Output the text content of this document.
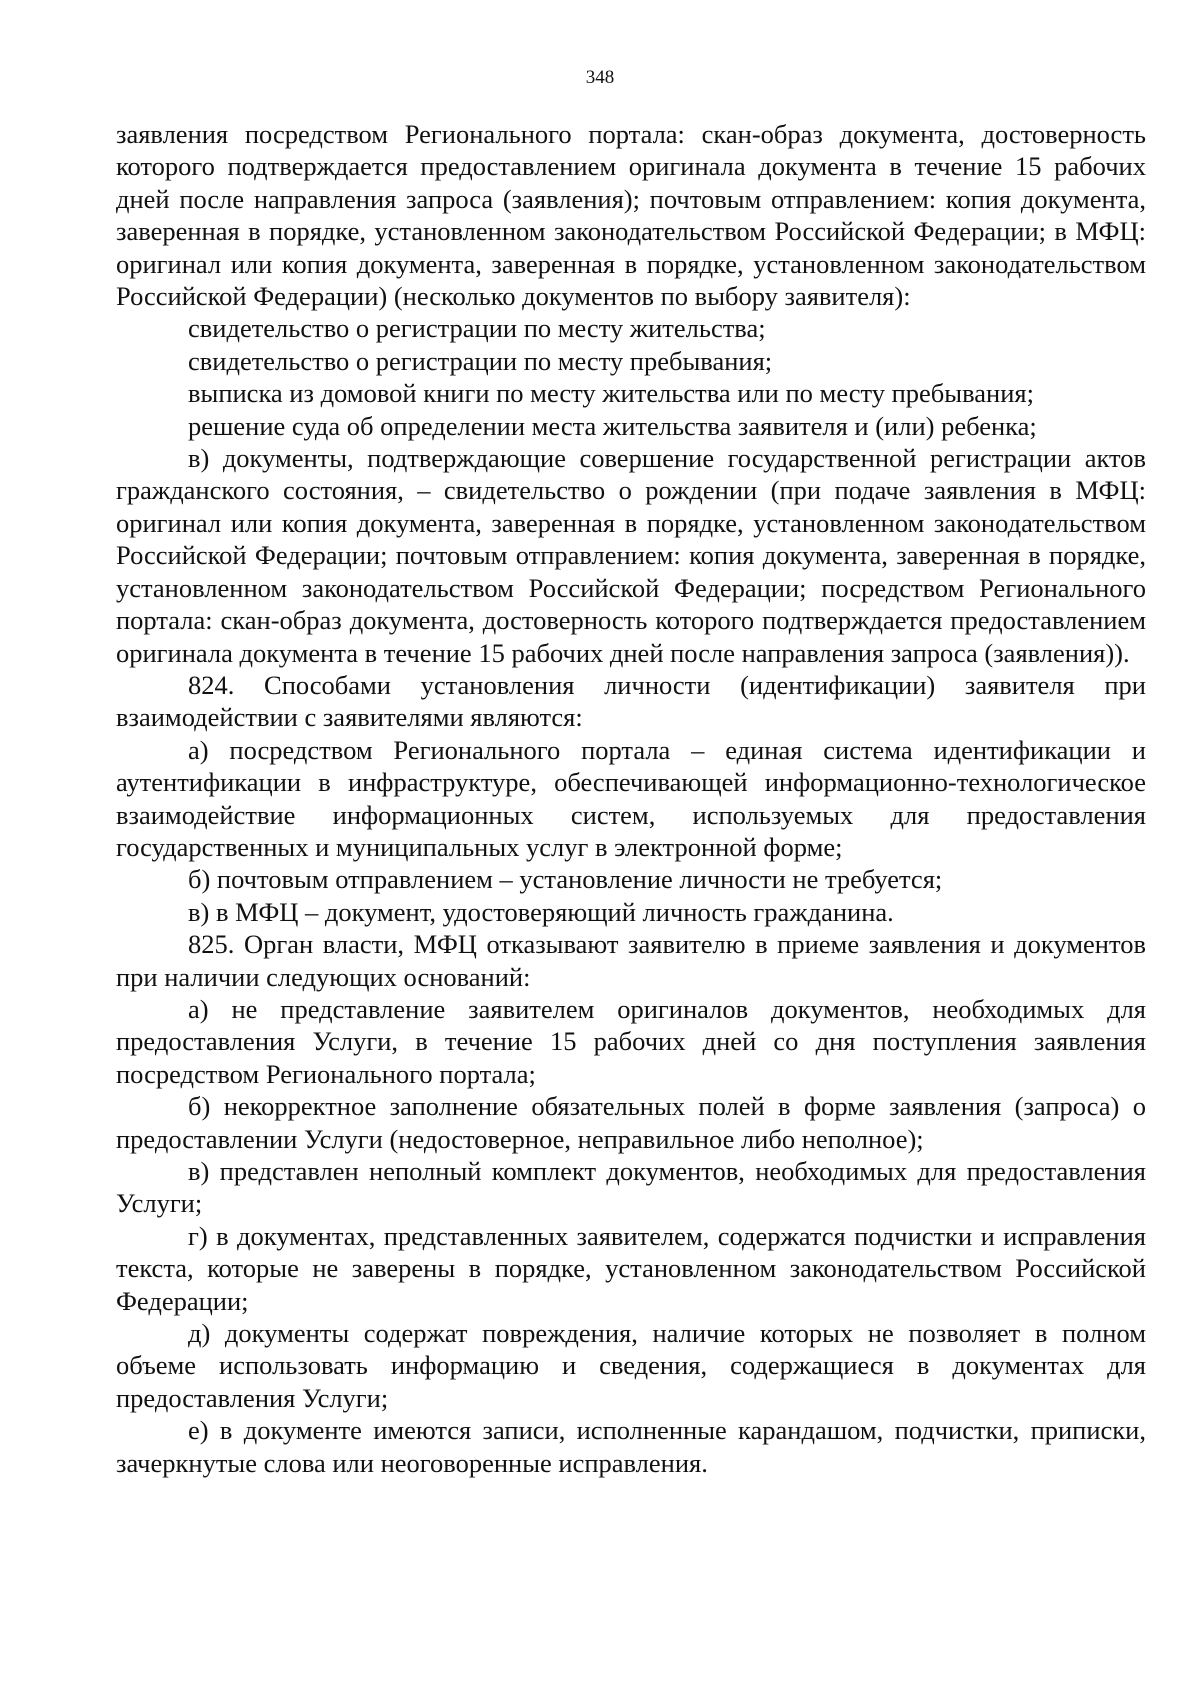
348

заявления посредством Регионального портала: скан-образ документа, достоверность которого подтверждается предоставлением оригинала документа в течение 15 рабочих дней после направления запроса (заявления); почтовым отправлением: копия документа, заверенная в порядке, установленном законодательством Российской Федерации; в МФЦ: оригинал или копия документа, заверенная в порядке, установленном законодательством Российской Федерации) (несколько документов по выбору заявителя):

свидетельство о регистрации по месту жительства;

свидетельство о регистрации по месту пребывания;

выписка из домовой книги по месту жительства или по месту пребывания;

решение суда об определении места жительства заявителя и (или) ребенка;

в) документы, подтверждающие совершение государственной регистрации актов гражданского состояния, – свидетельство о рождении (при подаче заявления в МФЦ: оригинал или копия документа, заверенная в порядке, установленном законодательством Российской Федерации; почтовым отправлением: копия документа, заверенная в порядке, установленном законодательством Российской Федерации; посредством Регионального портала: скан-образ документа, достоверность которого подтверждается предоставлением оригинала документа в течение 15 рабочих дней после направления запроса (заявления)).

824. Способами установления личности (идентификации) заявителя при взаимодействии с заявителями являются:

а) посредством Регионального портала – единая система идентификации и аутентификации в инфраструктуре, обеспечивающей информационно-технологическое взаимодействие информационных систем, используемых для предоставления государственных и муниципальных услуг в электронной форме;

б) почтовым отправлением – установление личности не требуется;

в) в МФЦ – документ, удостоверяющий личность гражданина.

825. Орган власти, МФЦ отказывают заявителю в приеме заявления и документов при наличии следующих оснований:

а) не представление заявителем оригиналов документов, необходимых для предоставления Услуги, в течение 15 рабочих дней со дня поступления заявления посредством Регионального портала;

б) некорректное заполнение обязательных полей в форме заявления (запроса) о предоставлении Услуги (недостоверное, неправильное либо неполное);

в) представлен неполный комплект документов, необходимых для предоставления Услуги;

г) в документах, представленных заявителем, содержатся подчистки и исправления текста, которые не заверены в порядке, установленном законодательством Российской Федерации;

д) документы содержат повреждения, наличие которых не позволяет в полном объеме использовать информацию и сведения, содержащиеся в документах для предоставления Услуги;

е) в документе имеются записи, исполненные карандашом, подчистки, приписки, зачеркнутые слова или неоговоренные исправления.
